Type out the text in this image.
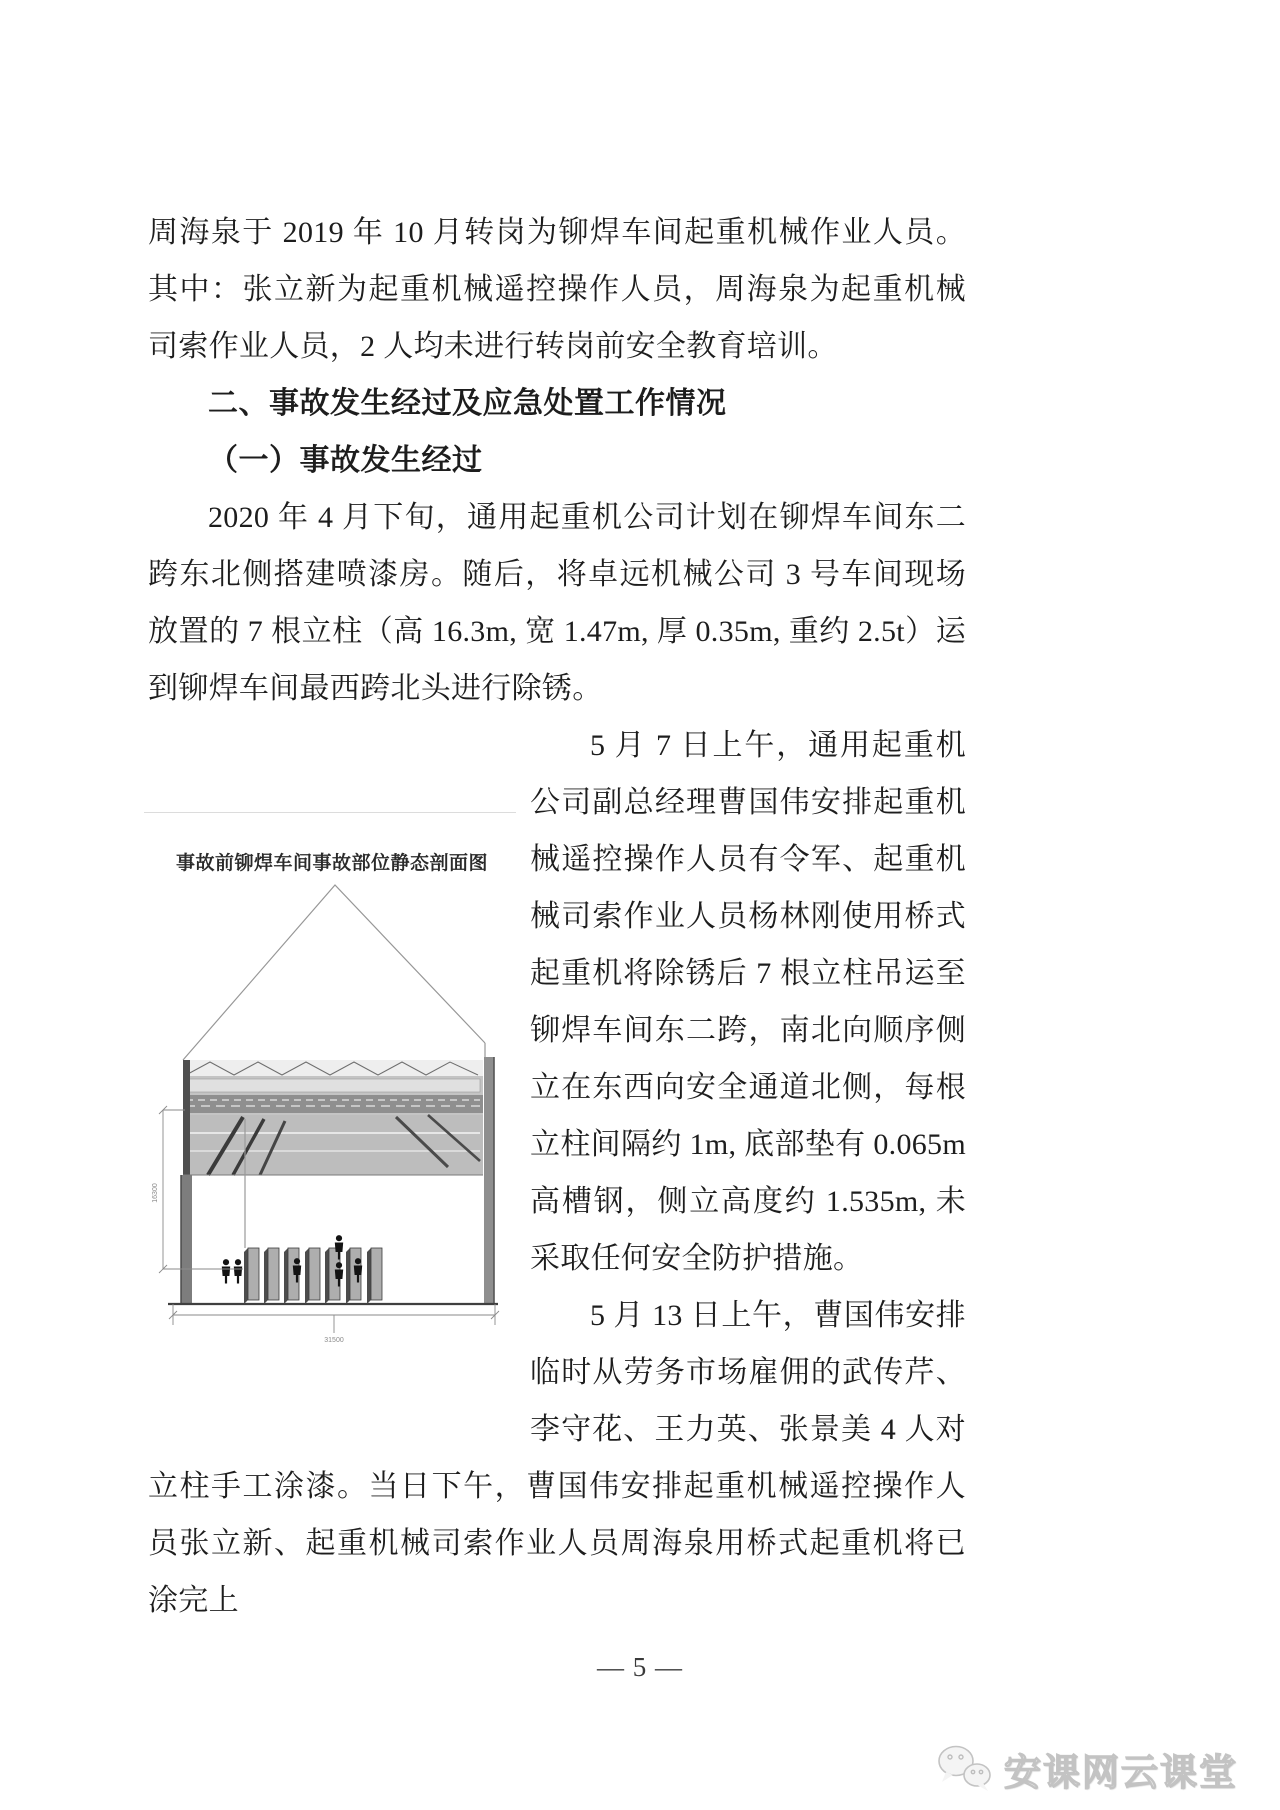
周海泉于 2019 年 10 月转岗为铆焊车间起重机械作业人员。其中：张立新为起重机械遥控操作人员，周海泉为起重机械司索作业人员，2 人均未进行转岗前安全教育培训。

二、事故发生经过及应急处置工作情况

（一）事故发生经过

2020 年 4 月下旬，通用起重机公司计划在铆焊车间东二跨东北侧搭建喷漆房。随后，将卓远机械公司 3 号车间现场放置的 7 根立柱（高 16.3m, 宽 1.47m, 厚 0.35m, 重约 2.5t）运到铆焊车间最西跨北头进行除锈。

事故前铆焊车间事故部位静态剖面图
16300
31500

5 月 7 日上午，通用起重机公司副总经理曹国伟安排起重机械遥控操作人员有令军、起重机械司索作业人员杨林刚使用桥式起重机将除锈后 7 根立柱吊运至铆焊车间东二跨，南北向顺序侧立在东西向安全通道北侧，每根立柱间隔约 1m, 底部垫有 0.065m 高槽钢，侧立高度约 1.535m, 未采取任何安全防护措施。

5 月 13 日上午，曹国伟安排临时从劳务市场雇佣的武传芹、李守花、王力英、张景美 4 人对立柱手工涂漆。当日下午，曹国伟安排起重机械遥控操作人员张立新、起重机械司索作业人员周海泉用桥式起重机将已涂完上

— 5 —
安课网云课堂
